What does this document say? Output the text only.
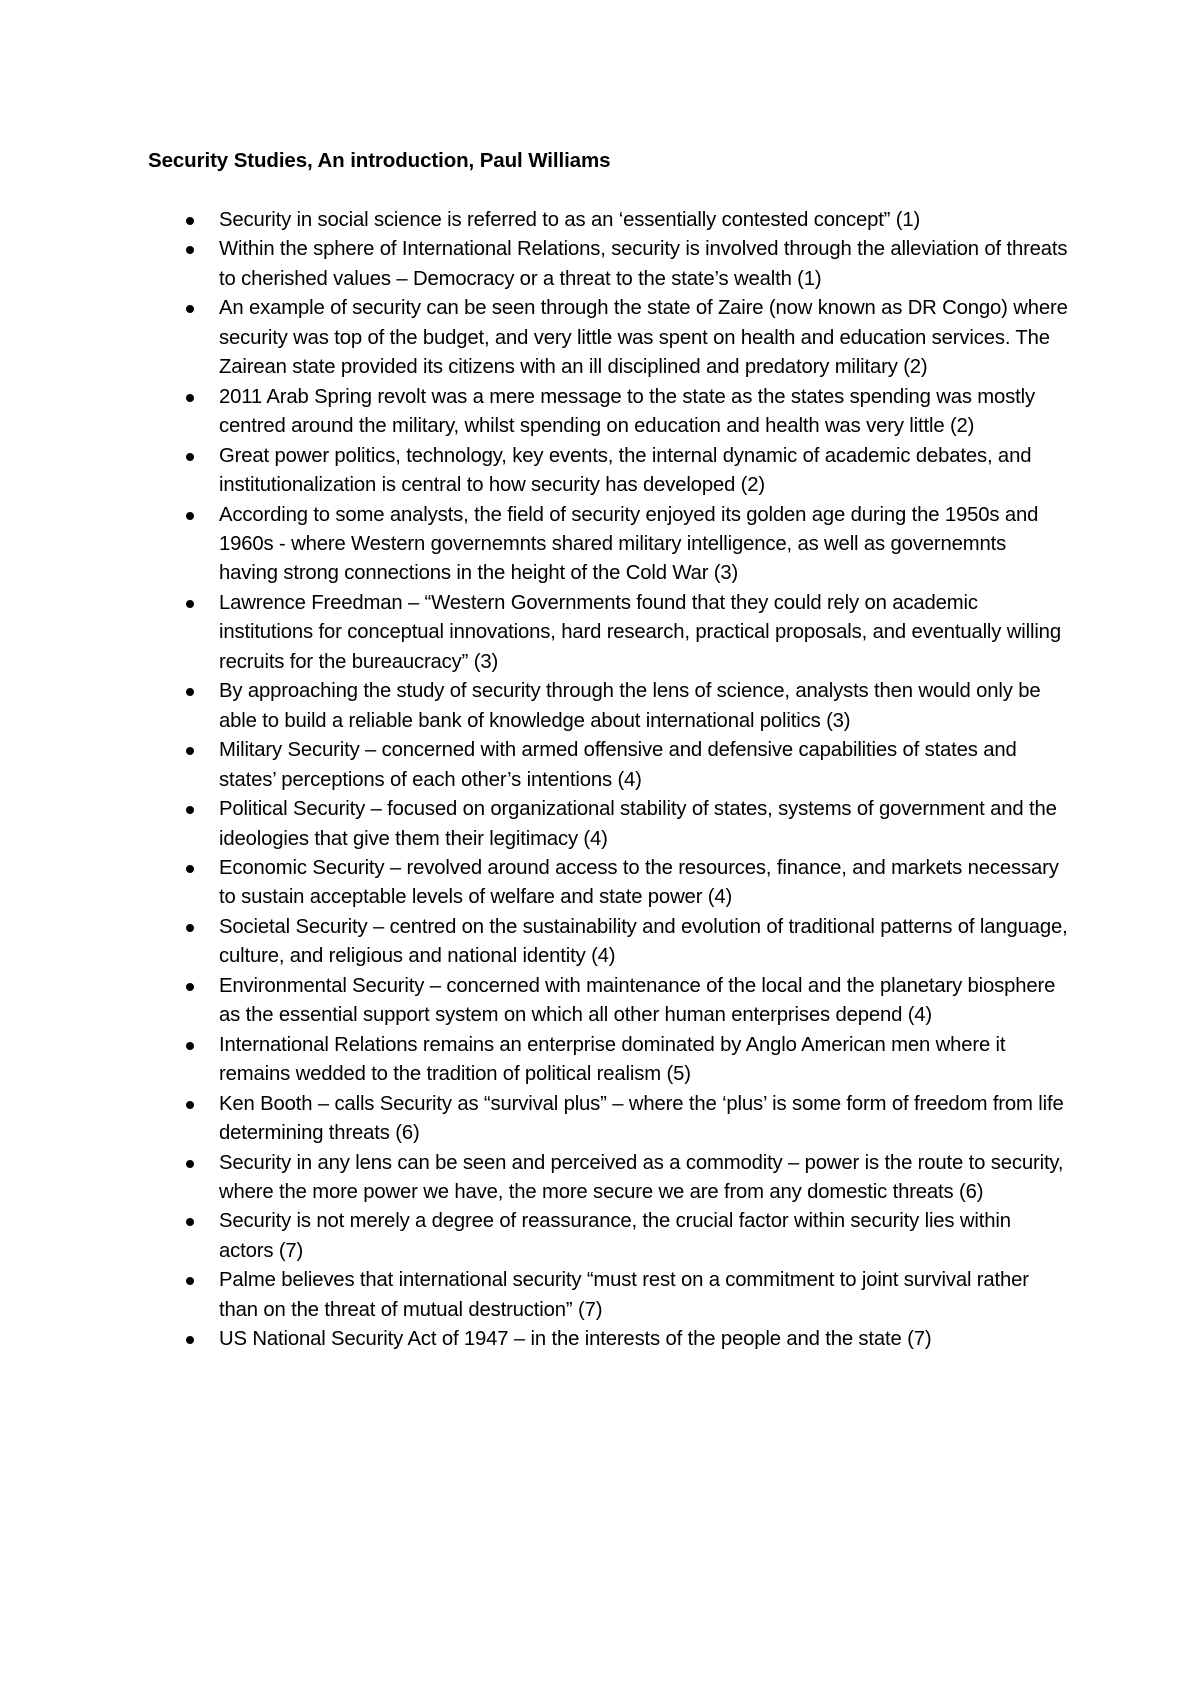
Security Studies, An introduction, Paul Williams
Security in social science is referred to as an ‘essentially contested concept” (1)
Within the sphere of International Relations, security is involved through the alleviation of threats to cherished values – Democracy or a threat to the state’s wealth (1)
An example of security can be seen through the state of Zaire (now known as DR Congo) where security was top of the budget, and very little was spent on health and education services. The Zairean state provided its citizens with an ill disciplined and predatory military (2)
2011 Arab Spring revolt was a mere message to the state as the states spending was mostly centred around the military, whilst spending on education and health was very little (2)
Great power politics, technology, key events, the internal dynamic of academic debates, and institutionalization is central to how security has developed (2)
According to some analysts, the field of security enjoyed its golden age during the 1950s and 1960s - where Western governemnts shared military intelligence, as well as governemnts having strong connections in the height of the Cold War (3)
Lawrence Freedman – “Western Governments found that they could rely on academic institutions for conceptual innovations, hard research, practical proposals, and eventually willing recruits for the bureaucracy” (3)
By approaching the study of security through the lens of science, analysts then would only be able to build a reliable bank of knowledge about international politics (3)
Military Security – concerned with armed offensive and defensive capabilities of states and states’ perceptions of each other’s intentions (4)
Political Security – focused on organizational stability of states, systems of government and the ideologies that give them their legitimacy (4)
Economic Security – revolved around access to the resources, finance, and markets necessary to sustain acceptable levels of welfare and state power (4)
Societal Security – centred on the sustainability and evolution of traditional patterns of language, culture, and religious and national identity (4)
Environmental Security – concerned with maintenance of the local and the planetary biosphere as the essential support system on which all other human enterprises depend (4)
International Relations remains an enterprise dominated by Anglo American men where it remains wedded to the tradition of political realism (5)
Ken Booth – calls Security as “survival plus” – where the ‘plus’ is some form of freedom from life determining threats (6)
Security in any lens can be seen and perceived as a commodity – power is the route to security, where the more power we have, the more secure we are from any domestic threats (6)
Security is not merely a degree of reassurance, the crucial factor within security lies within actors (7)
Palme believes that international security “must rest on a commitment to joint survival rather than on the threat of mutual destruction” (7)
US National Security Act of 1947 – in the interests of the people and the state (7)
